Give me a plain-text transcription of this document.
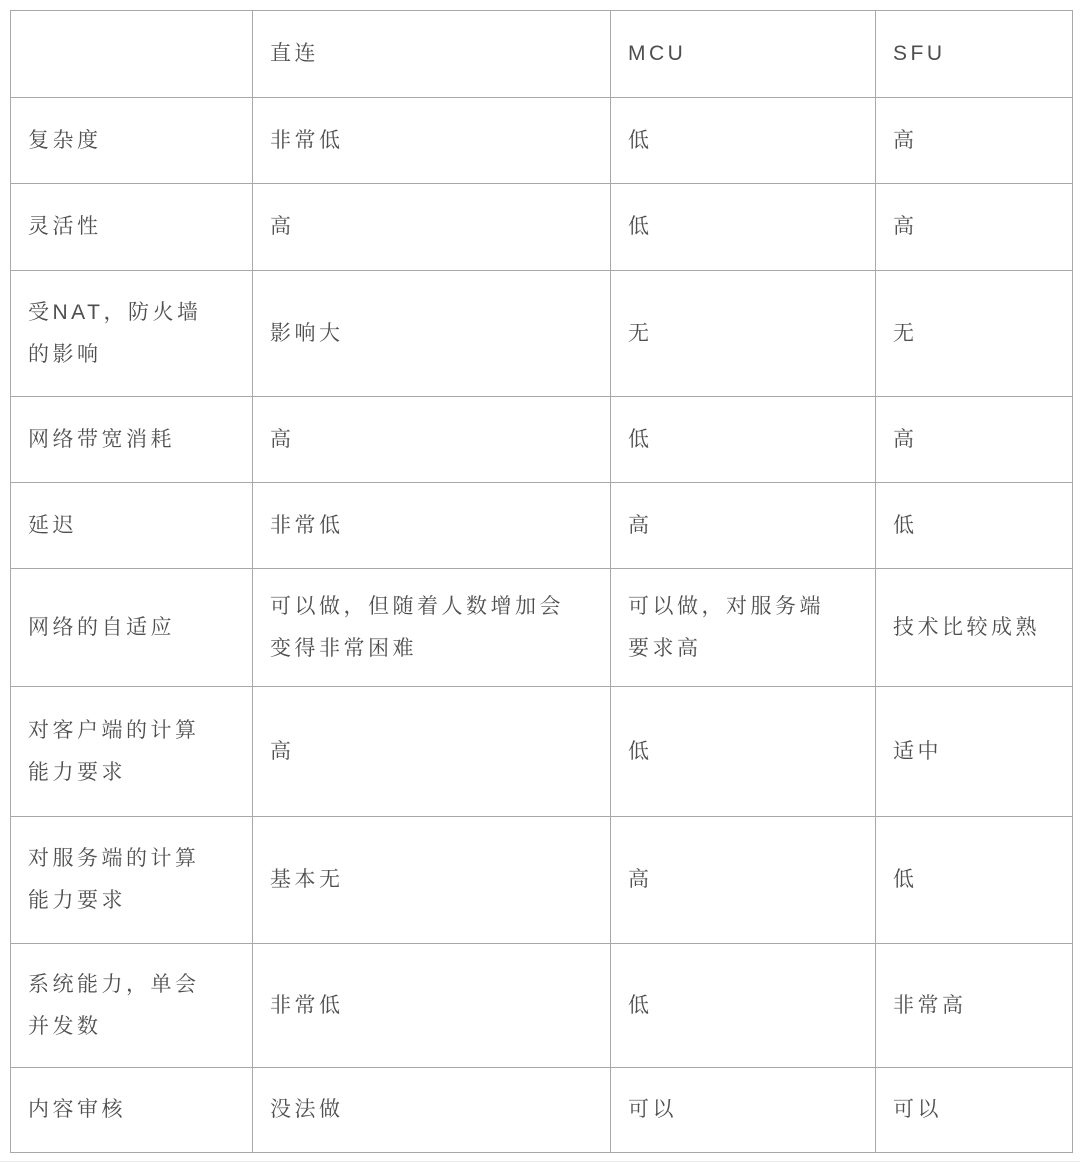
	直连	MCU	SFU
复杂度	非常低	低	高
灵活性	高	低	高
受NAT，防火墙的影响	影响大	无	无
网络带宽消耗	高	低	高
延迟	非常低	高	低
网络的自适应	可以做，但随着人数增加会变得非常困难	可以做，对服务端要求高	技术比较成熟
对客户端的计算能力要求	高	低	适中
对服务端的计算能力要求	基本无	高	低
系统能力，单会并发数	非常低	低	非常高
内容审核	没法做	可以	可以
